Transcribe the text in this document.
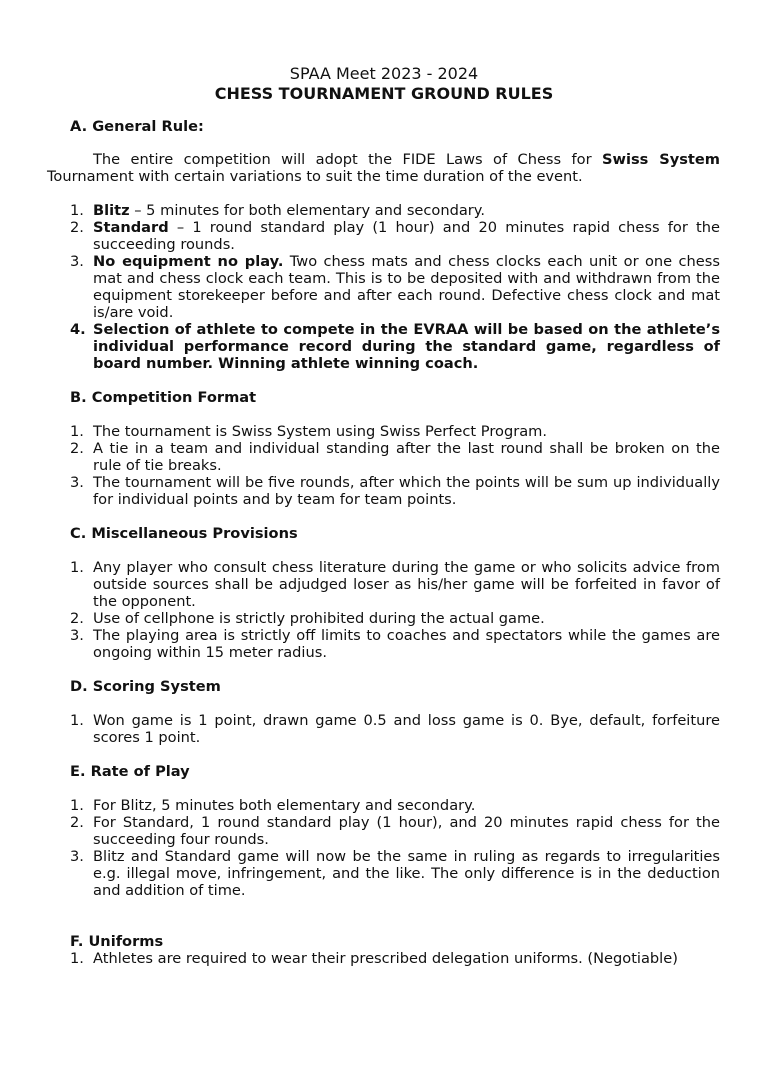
SPAA Meet 2023 - 2024
CHESS TOURNAMENT GROUND RULES
A. General Rule:
The entire competition will adopt the FIDE Laws of Chess for Swiss System Tournament with certain variations to suit the time duration of the event.
1. Blitz – 5 minutes for both elementary and secondary.
2. Standard – 1 round standard play (1 hour) and 20 minutes rapid chess for the succeeding rounds.
3. No equipment no play. Two chess mats and chess clocks each unit or one chess mat and chess clock each team. This is to be deposited with and withdrawn from the equipment storekeeper before and after each round. Defective chess clock and mat is/are void.
4. Selection of athlete to compete in the EVRAA will be based on the athlete’s individual performance record during the standard game, regardless of board number. Winning athlete winning coach.
B. Competition Format
1. The tournament is Swiss System using Swiss Perfect Program.
2. A tie in a team and individual standing after the last round shall be broken on the rule of tie breaks.
3. The tournament will be five rounds, after which the points will be sum up individually for individual points and by team for team points.
C. Miscellaneous Provisions
1. Any player who consult chess literature during the game or who solicits advice from outside sources shall be adjudged loser as his/her game will be forfeited in favor of the opponent.
2. Use of cellphone is strictly prohibited during the actual game.
3. The playing area is strictly off limits to coaches and spectators while the games are ongoing within 15 meter radius.
D. Scoring System
1. Won game is 1 point, drawn game 0.5 and loss game is 0. Bye, default, forfeiture scores 1 point.
E. Rate of Play
1. For Blitz, 5 minutes both elementary and secondary.
2. For Standard, 1 round standard play (1 hour), and 20 minutes rapid chess for the succeeding four rounds.
3. Blitz and Standard game will now be the same in ruling as regards to irregularities e.g. illegal move, infringement, and the like. The only difference is in the deduction and addition of time.
F. Uniforms
1. Athletes are required to wear their prescribed delegation uniforms. (Negotiable)
